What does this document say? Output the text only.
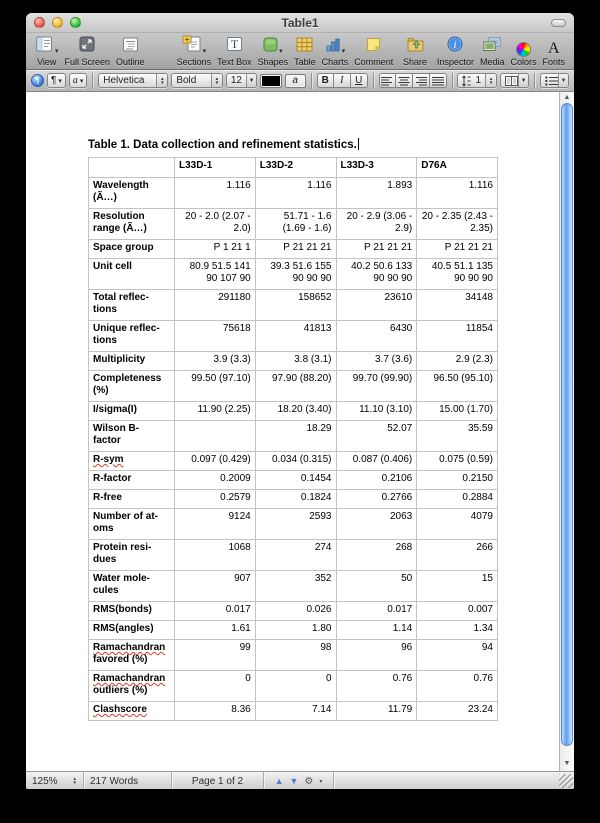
Table1
▾
View Full Screen Outline
▾	Sections
T
Text Box
▾ Shapes Table
▾ Charts Comment Share
i
Inspector Media Colors
A
Fonts
¶	¶ ▾ a ▾	Helvetica ▲ ▼	Bold ▲ ▼	12 ▼	a	B	I	U	1
▲ ▼
▼
▼

Table 1. Data collection and refinement statistics.

	L33D-1	L33D-2	L33D-3	D76A

Wavelength
(Ã…)	1.116	1.116	1.893	1.116

Resolution
range (Ã…)	20 - 2.0 (2.07 - 2.0)	51.71 - 1.6 (1.69 - 1.6)	20 - 2.9 (3.06 - 2.9)	20 - 2.35 (2.43 - 2.35)

Space group	P 1 21 1	P 21 21 21	P 21 21 21	P 21 21 21

Unit cell	80.9 51.5 141 90 107 90	39.3 51.6 155 90 90 90	40.2 50.6 133 90 90 90	40.5 51.1 135 90 90 90

Total reflec-
tions	291180	158652	23610	34148

Unique reflec-
tions	75618	41813	6430	11854

Multiplicity	3.9 (3.3)	3.8 (3.1)	3.7 (3.6)	2.9 (2.3)

Completeness
(%)	99.50 (97.10)	97.90 (88.20)	99.70 (99.90)	96.50 (95.10)

I/sigma(I)	11.90 (2.25)	18.20 (3.40)	11.10 (3.10)	15.00 (1.70)

Wilson B-
factor		18.29	52.07	35.59

R-sym	0.097 (0.429)	0.034 (0.315)	0.087 (0.406)	0.075 (0.59)

R-factor	0.2009	0.1454	0.2106	0.2150

R-free	0.2579	0.1824	0.2766	0.2884

Number of at-
oms	9124	2593	2063	4079

Protein resi-
dues	1068	274	268	266

Water mole-
cules	907	352	50	15

RMS(bonds)	0.017	0.026	0.017	0.007

RMS(angles)	1.61	1.80	1.14	1.34

Ramachandran
favored (%)	99	98	96	94

Ramachandran
outliers (%)	0	0	0.76	0.76

Clashscore	8.36	7.14	11.79	23.24
▲
▼
125% ▲ ▼	217 Words	Page 1 of 2	▲ ▼ ⚙ ▾
